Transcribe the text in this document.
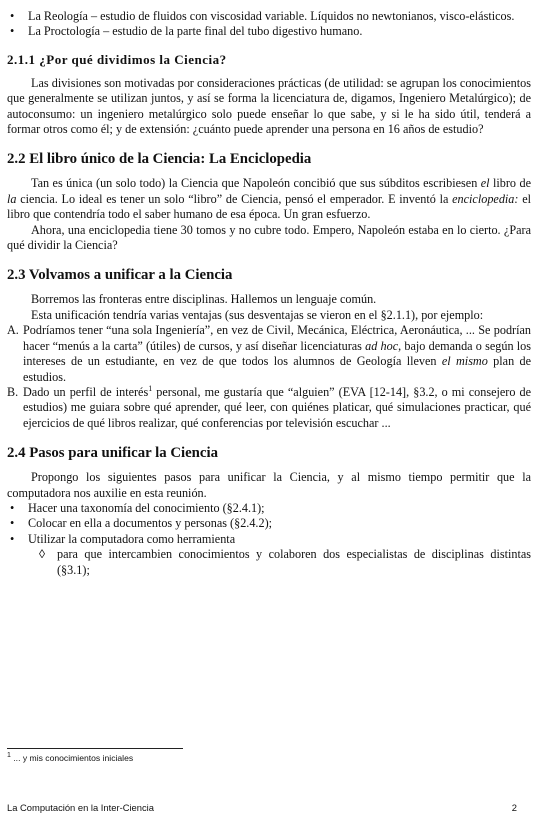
•	La Reología – estudio de fluidos con viscosidad variable. Líquidos no newtonianos, visco-elásticos.
•	La Proctología – estudio de la parte final del tubo digestivo humano.
2.1.1 ¿Por qué dividimos la Ciencia?

Las divisiones son motivadas por consideraciones prácticas (de utilidad: se agrupan los conocimientos que generalmente se utilizan juntos, y así se forma la licenciatura de, digamos, Ingeniero Metalúrgico); de autoconsumo: un ingeniero metalúrgico solo puede enseñar lo que sabe, y si le ha sido útil, tenderá a formar otros como él; y de extensión: ¿cuánto puede aprender una persona en 16 años de estudio?

2.2 El libro único de la Ciencia: La Enciclopedia

Tan es única (un solo todo) la Ciencia que Napoleón concibió que sus súbditos escribiesen el libro de la ciencia. Lo ideal es tener un solo “libro” de Ciencia, pensó el emperador. E inventó la enciclopedia: el libro que contendría todo el saber humano de esa época. Un gran esfuerzo.

Ahora, una enciclopedia tiene 30 tomos y no cubre todo. Empero, Napoleón estaba en lo cierto. ¿Para qué dividir la Ciencia?

2.3 Volvamos a unificar a la Ciencia

Borremos las fronteras entre disciplinas. Hallemos un lenguaje común.

Esta unificación tendría varias ventajas (sus desventajas se vieron en el §2.1.1), por ejemplo:

A. Podríamos tener “una sola Ingeniería”, en vez de Civil, Mecánica, Eléctrica, Aeronáutica, ... Se podrían hacer “menús a la carta” (útiles) de cursos, y así diseñar licenciaturas ad hoc, bajo demanda o según los intereses de un estudiante, en vez de que todos los alumnos de Geología lleven el mismo plan de estudios.
B. Dado un perfil de interés$^1$ personal, me gustaría que “alguien” (EVA [12-14], §3.2, o mi consejero de estudios) me guiara sobre qué aprender, qué leer, con quiénes platicar, qué simulaciones practicar, qué ejercicios de qué libros realizar, qué conferencias por televisión escuchar ...
2.4 Pasos para unificar la Ciencia

Propongo los siguientes pasos para unificar la Ciencia, y al mismo tiempo permitir que la computadora nos auxilie en esta reunión.

•	Hacer una taxonomía del conocimiento (§2.4.1);
•	Colocar en ella a documentos y personas (§2.4.2);
•	Utilizar la computadora como herramienta
◊ para que intercambien conocimientos y colaboren dos especialistas de disciplinas distintas (§3.1);
$^1$ ... y mis conocimientos iniciales
La Computación en la Inter-Ciencia	2
